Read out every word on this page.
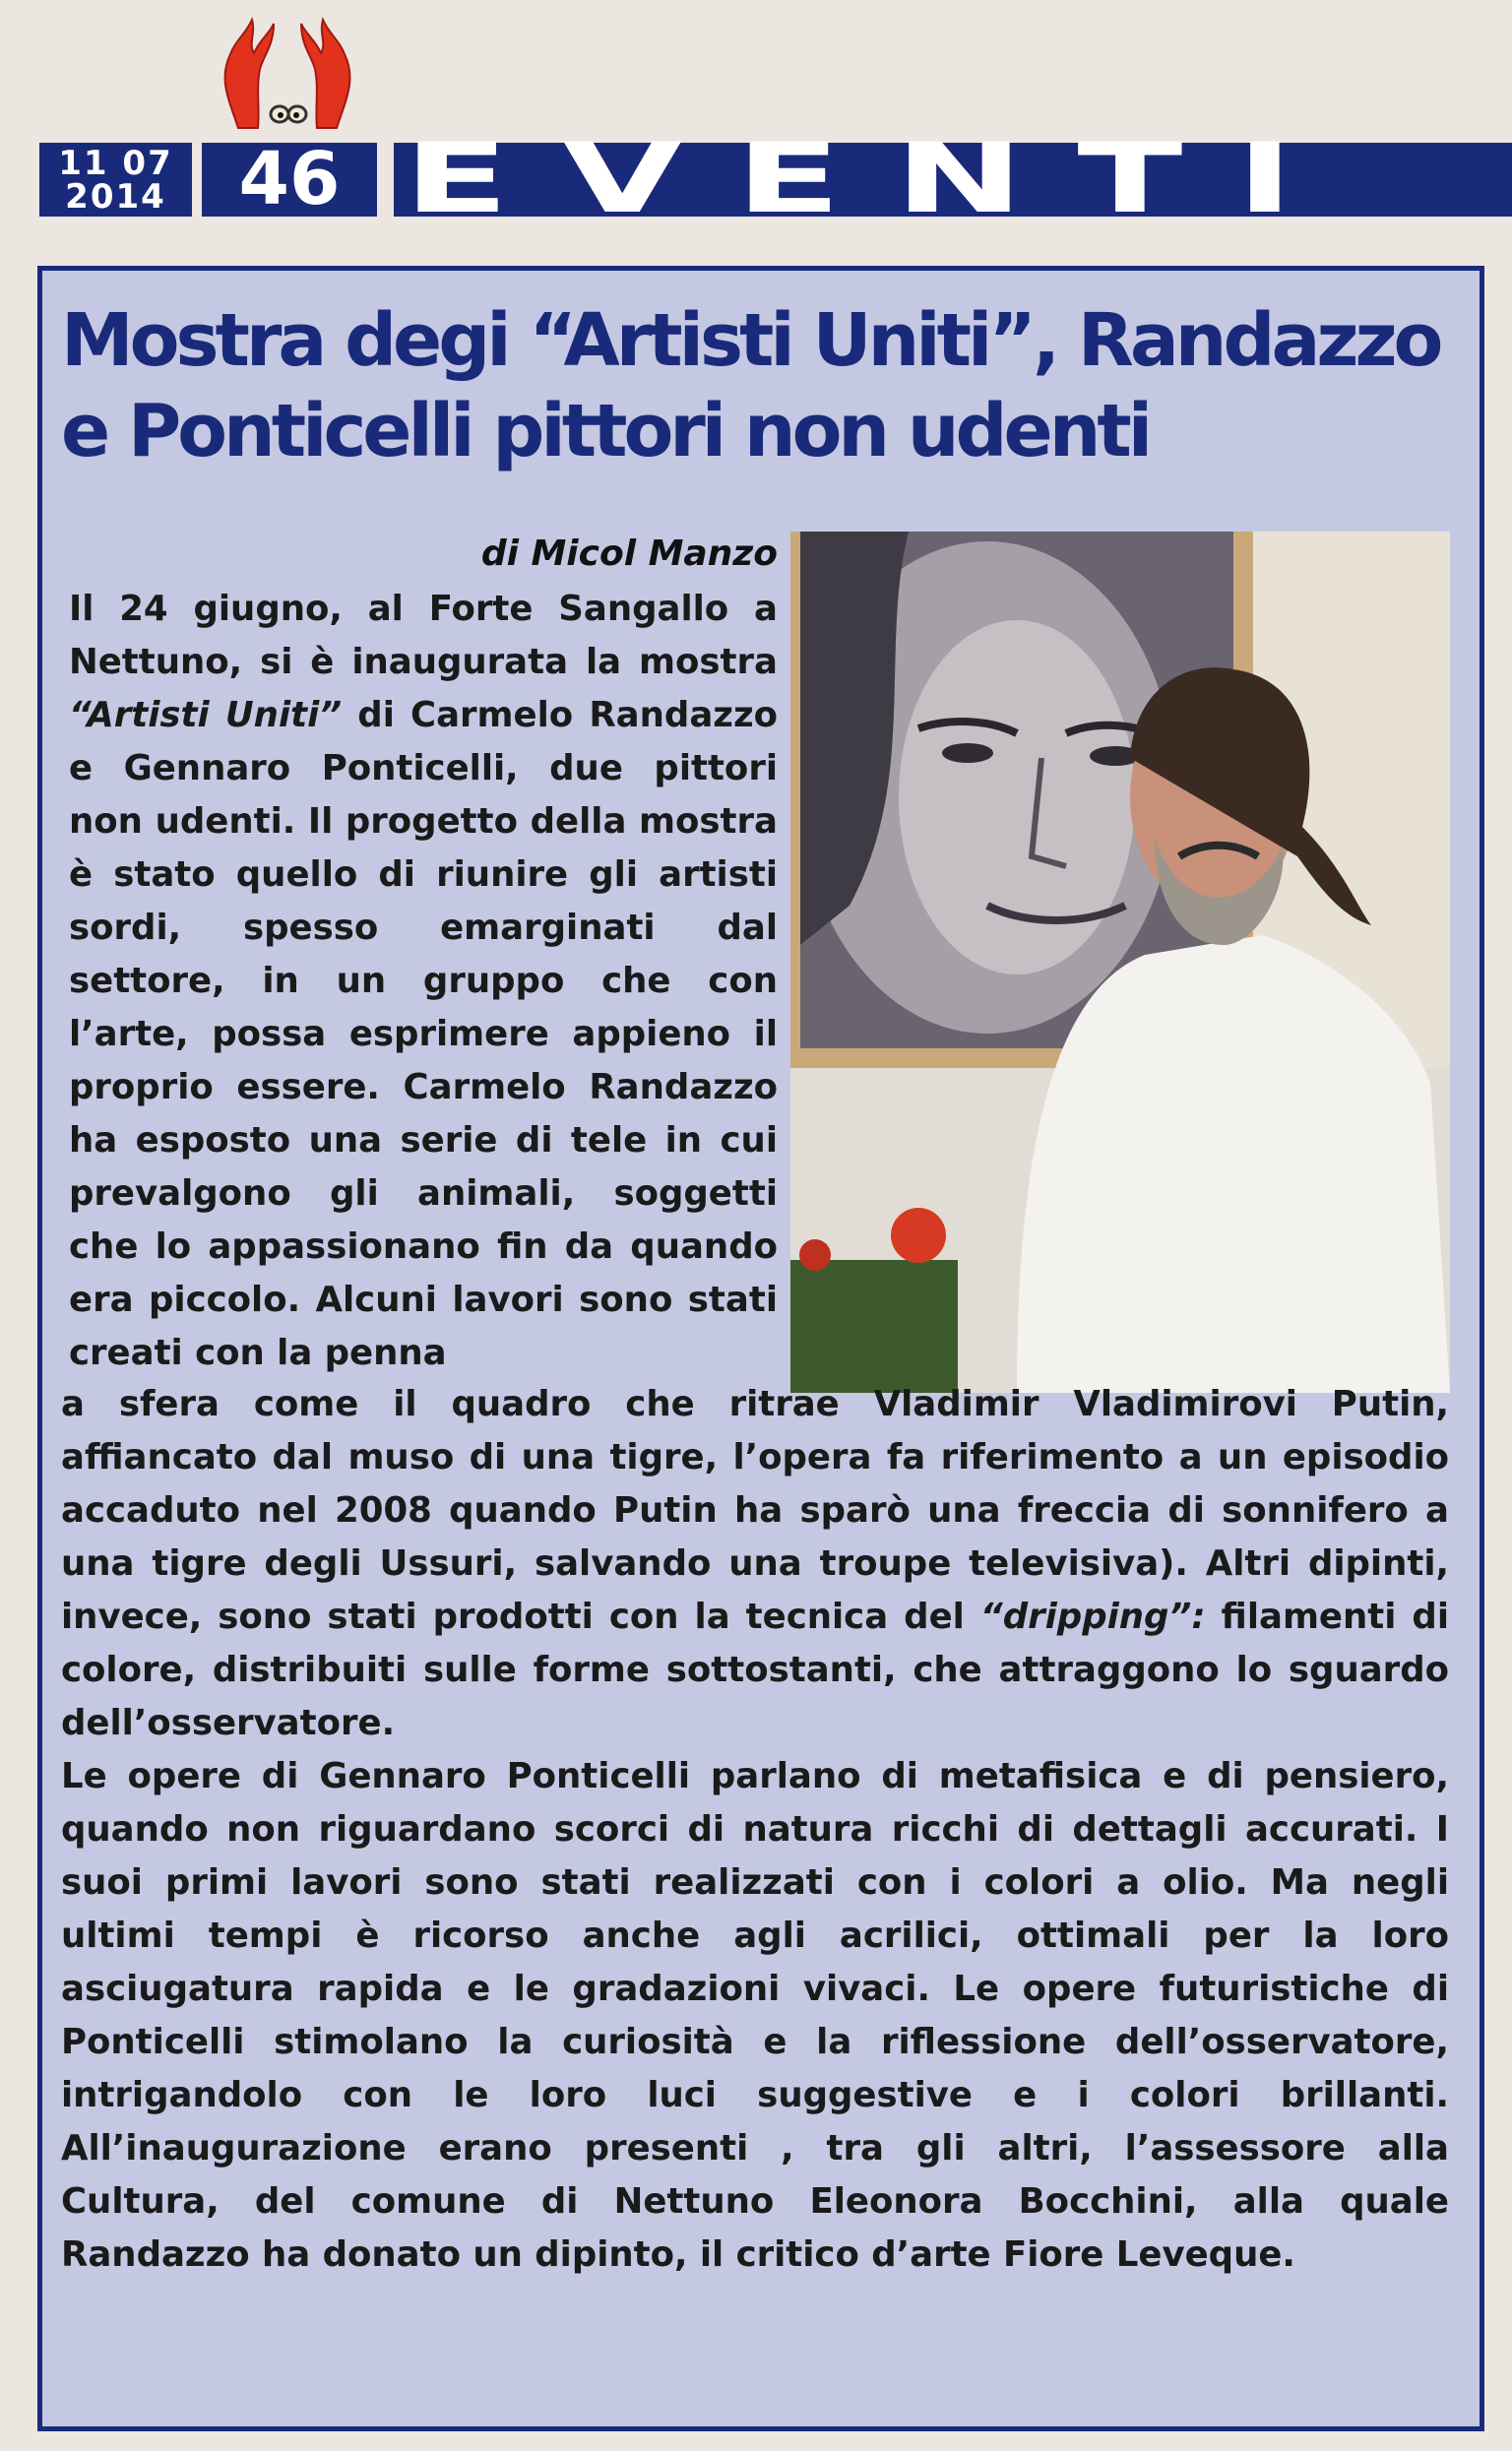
11 07
2014 46 EVENTI
Mostra degi “Artisti Uniti”, Randazzo
e Ponticelli pittori non udenti
di Micol Manzo
Il 24 giugno, al Forte Sangallo a Nettuno, si è inaugurata la mostra “Artisti Uniti” di Carmelo Randazzo e Gennaro Ponticelli, due pittori non udenti. Il progetto della mostra è stato quello di riunire gli artisti sordi, spesso emarginati dal settore, in un gruppo che con l’arte, possa esprimere appieno il proprio essere. Carmelo Randazzo ha esposto una serie di tele in cui prevalgono gli animali, soggetti che lo appassionano fin da quando era piccolo. Alcuni lavori sono stati creati con la penna
a sfera come il quadro che ritrae Vladimir Vladimirovi Putin, affiancato dal muso di una tigre, l’opera fa riferimento a un episodio accaduto nel 2008 quando Putin ha sparò una freccia di sonnifero a una tigre degli Ussuri, salvando una troupe televisiva). Altri dipinti, invece, sono stati prodotti con la tecnica del “dripping”: filamenti di colore, distribuiti sulle forme sottostanti, che attraggono lo sguardo dell’osservatore.
Le opere di Gennaro Ponticelli parlano di metafisica e di pensiero, quando non riguardano scorci di natura ricchi di dettagli accurati. I suoi primi lavori sono stati realizzati con i colori a olio. Ma negli ultimi tempi è ricorso anche agli acrilici, ottimali per la loro asciugatura rapida e le gradazioni vivaci. Le opere futuristiche di Ponticelli stimolano la curiosità e la riflessione dell’osservatore, intrigandolo con le loro luci suggestive e i colori brillanti. All’inaugurazione erano presenti , tra gli altri, l’assessore alla Cultura, del comune di Nettuno Eleonora Bocchini, alla quale Randazzo ha donato un dipinto, il critico d’arte Fiore Leveque.
